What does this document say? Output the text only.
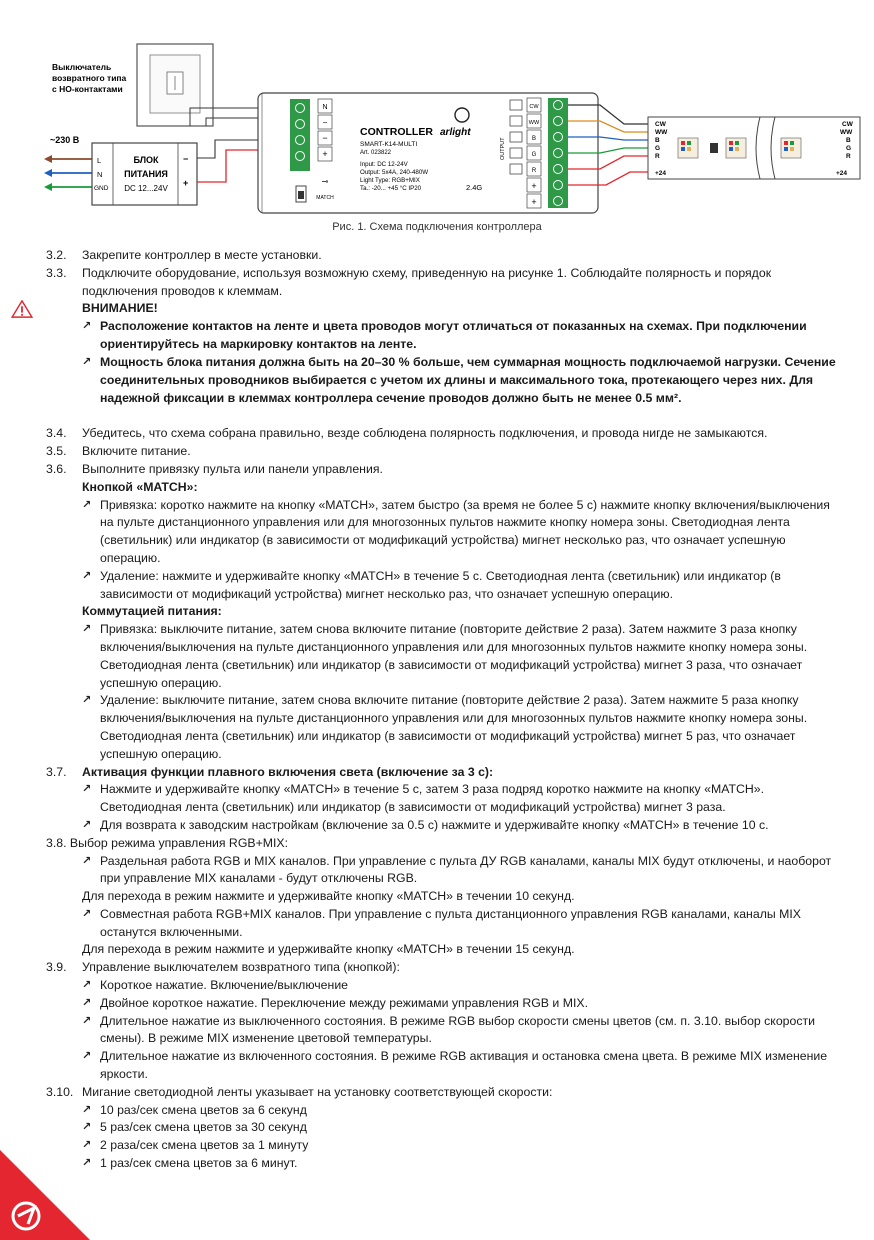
Выключатель
возвратного типа
с НО-контактами
~230 В
L
N
GND
БЛОК
ПИТАНИЯ
DC 12...24V
−
+
−
+
N
−
⊸
MATCH
CONTROLLER arlight
SMART-K14-MULTI
Art. 023822
Input: DC 12-24V
Output: 5x4A, 240-480W
Light Type: RGB+MIX
Ta.: -20... +45 °C IP20	2.4G
OUTPUT
CW
WW
B
G
R
+
+
CW
WW
B
G
R
+24
CW
WW
B
G
R
+24
Рис. 1. Схема подключения контроллера
3.2.	Закрепите контроллер в месте установки.
3.3.	Подключите оборудование, используя возможную схему, приведенную на рисунке 1. Соблюдайте полярность и порядок подключения проводов к клеммам.
ВНИМАНИЕ!
↗ Расположение контактов на ленте и цвета проводов могут отличаться от показанных на схемах. При подключении ориентируйтесь на маркировку контактов на ленте.
↗ Мощность блока питания должна быть на 20–30 % больше, чем суммарная мощность подключаемой нагрузки. Сечение соединительных проводников выбирается с учетом их длины и максимального тока, протекающего через них. Для надежной фиксации в клеммах контроллера сечение проводов должно быть не менее 0.5 мм².
3.4.	Убедитесь, что схема собрана правильно, везде соблюдена полярность подключения, и провода нигде не замыкаются.
3.5.	Включите питание.
3.6.	Выполните привязку пульта или панели управления.
Кнопкой «MATCH»:
↗ Привязка: коротко нажмите на кнопку «MATCH», затем быстро (за время не более 5 с) нажмите кнопку включения/выключения на пульте дистанционного управления или для многозонных пультов нажмите кнопку номера зоны. Светодиодная лента (светильник) или индикатор (в зависимости от модификаций устройства) мигнет несколько раз, что означает успешную операцию.
↗ Удаление: нажмите и удерживайте кнопку «MATCH» в течение 5 с. Светодиодная лента (светильник) или индикатор (в зависимости от модификаций устройства) мигнет несколько раз, что означает успешную операцию.
Коммутацией питания:
↗ Привязка: выключите питание, затем снова включите питание (повторите действие 2 раза). Затем нажмите 3 раза кнопку включения/выключения на пульте дистанционного управления или для многозонных пультов нажмите кнопку номера зоны. Светодиодная лента (светильник) или индикатор (в зависимости от модификаций устройства) мигнет 3 раза, что означает успешную операцию.
↗ Удаление: выключите питание, затем снова включите питание (повторите действие 2 раза). Затем нажмите 5 раза кнопку включения/выключения на пульте дистанционного управления или для многозонных пультов нажмите кнопку номера зоны. Светодиодная лента (светильник) или индикатор (в зависимости от модификаций устройства) мигнет 5 раз, что означает успешную операцию.
3.7.	Активация функции плавного включения света (включение за 3 с):
↗ Нажмите и удерживайте кнопку «MATCH» в течение 5 с, затем 3 раза подряд коротко нажмите на кнопку «MATCH». Светодиодная лента (светильник) или индикатор (в зависимости от модификаций устройства) мигнет 3 раза.
↗ Для возврата к заводским настройкам (включение за 0.5 с) нажмите и удерживайте кнопку «MATCH» в течение 10 с.
3.8. Выбор режима управления RGB+MIX:
↗ Раздельная работа RGB и MIX каналов. При управление с пульта ДУ RGB каналами, каналы MIX будут отключены, и наоборот при управление MIX каналами - будут отключены RGB.
Для перехода в режим нажмите и удерживайте кнопку «MATCH» в течении 10 секунд.
↗ Совместная работа RGB+MIX каналов. При управление с пульта дистанционного управления RGB каналами, каналы MIX останутся включенными.
Для перехода в режим нажмите и удерживайте кнопку «MATCH» в течении 15 секунд.
3.9.	Управление выключателем возвратного типа (кнопкой):
↗ Короткое нажатие. Включение/выключение
↗ Двойное короткое нажатие. Переключение между режимами управления RGB и MIX.
↗ Длительное нажатие из выключенного состояния. В режиме RGB выбор скорости смены цветов (см. п. 3.10. выбор скорости смены). В режиме MIX изменение цветовой температуры.
↗ Длительное нажатие из включенного состояния. В режиме RGB активация и остановка смена цвета. В режиме MIX изменение яркости.
3.10. Мигание светодиодной ленты указывает на установку соответствующей скорости:
↗ 10 раз/сек смена цветов за 6 секунд
↗ 5 раз/сек смена цветов за 30 секунд
↗ 2 раза/сек смена цветов за 1 минуту
↗ 1 раз/сек смена цветов за 6 минут.
